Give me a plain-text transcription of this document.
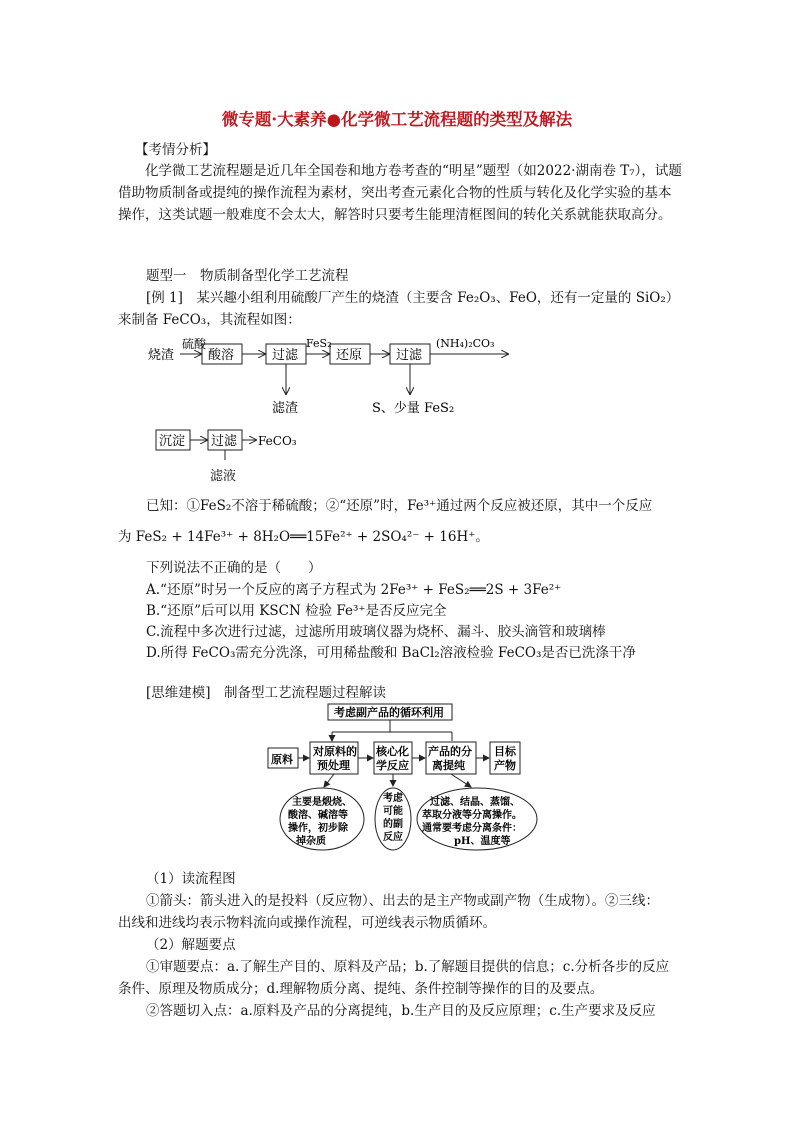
微专题·大素养●化学微工艺流程题的类型及解法
【考情分析】
化学微工艺流程题是近几年全国卷和地方卷考查的“明星”题型（如2022·湖南卷 T₇），试题借助物质制备或提纯的操作流程为素材，突出考查元素化合物的性质与转化及化学实验的基本操作，这类试题一般难度不会太大，解答时只要考生能理清框图间的转化关系就能获取高分。
题型一　物质制备型化学工艺流程
[例 1]　某兴趣小组利用硫酸厂产生的烧渣（主要含 Fe₂O₃、FeO，还有一定量的 SiO₂）
来制备 FeCO₃，其流程如图：
烧渣
硫酸
酸溶	过滤
FeS₂
还原	过滤
(NH₄)₂CO₃
滤渣	S、少量 FeS₂
沉淀 过滤 FeCO₃
滤液
已知：①FeS₂不溶于稀硫酸；②“还原”时，Fe³⁺通过两个反应被还原，其中一个反应
为 FeS₂ + 14Fe³⁺ + 8H₂O══15Fe²⁺ + 2SO₄²⁻ + 16H⁺。
下列说法不正确的是（　　）
A.“还原”时另一个反应的离子方程式为 2Fe³⁺ + FeS₂══2S + 3Fe²⁺
B.“还原”后可以用 KSCN 检验 Fe³⁺是否反应完全
C.流程中多次进行过滤，过滤所用玻璃仪器为烧杯、漏斗、胶头滴管和玻璃棒
D.所得 FeCO₃需充分洗涤，可用稀盐酸和 BaCl₂溶液检验 FeCO₃是否已洗涤干净
[思维建模]　制备型工艺流程题过程解读
考虑副产品的循环利用
原料
对原料的
预处理
核心化
学反应
产品的分
离提纯
目标
产物
主要是煅烧、
酸溶、碱溶等
操作，初步除
掉杂质
考虑
可能
的副
反应
过滤、结晶、蒸馏、
萃取分液等分离操作。
通常要考虑分离条件：
pH、温度等
（1）读流程图
①箭头：箭头进入的是投料（反应物）、出去的是主产物或副产物（生成物）。②三线：
出线和进线均表示物料流向或操作流程，可逆线表示物质循环。
（2）解题要点
①审题要点：a.了解生产目的、原料及产品；b.了解题目提供的信息；c.分析各步的反应
条件、原理及物质成分；d.理解物质分离、提纯、条件控制等操作的目的及要点。
②答题切入点：a.原料及产品的分离提纯，b.生产目的及反应原理；c.生产要求及反应
